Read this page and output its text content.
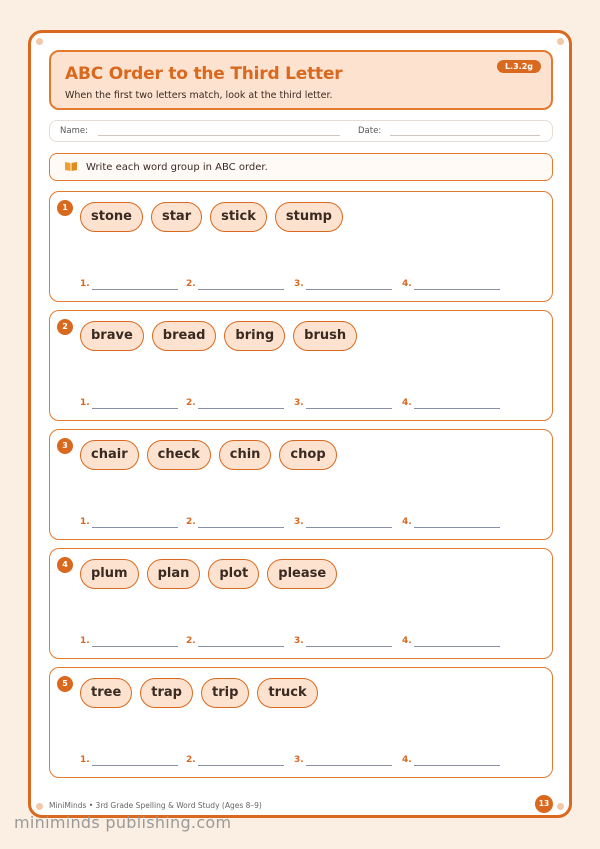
ABC Order to the Third Letter
When the first two letters match, look at the third letter.
L.3.2g
Name:	Date:
Write each word group in ABC order.
1
stone	star	stick	stump
1.	2.	3.	4.
2
brave	bread	bring	brush
1.	2.	3.	4.
3
chair	check	chin	chop
1.	2.	3.	4.
4
plum	plan	plot	please
1.	2.	3.	4.
5
tree	trap	trip	truck
1.	2.	3.	4.
MiniMinds • 3rd Grade Spelling & Word Study (Ages 8–9)	13
miniminds publishing.com
